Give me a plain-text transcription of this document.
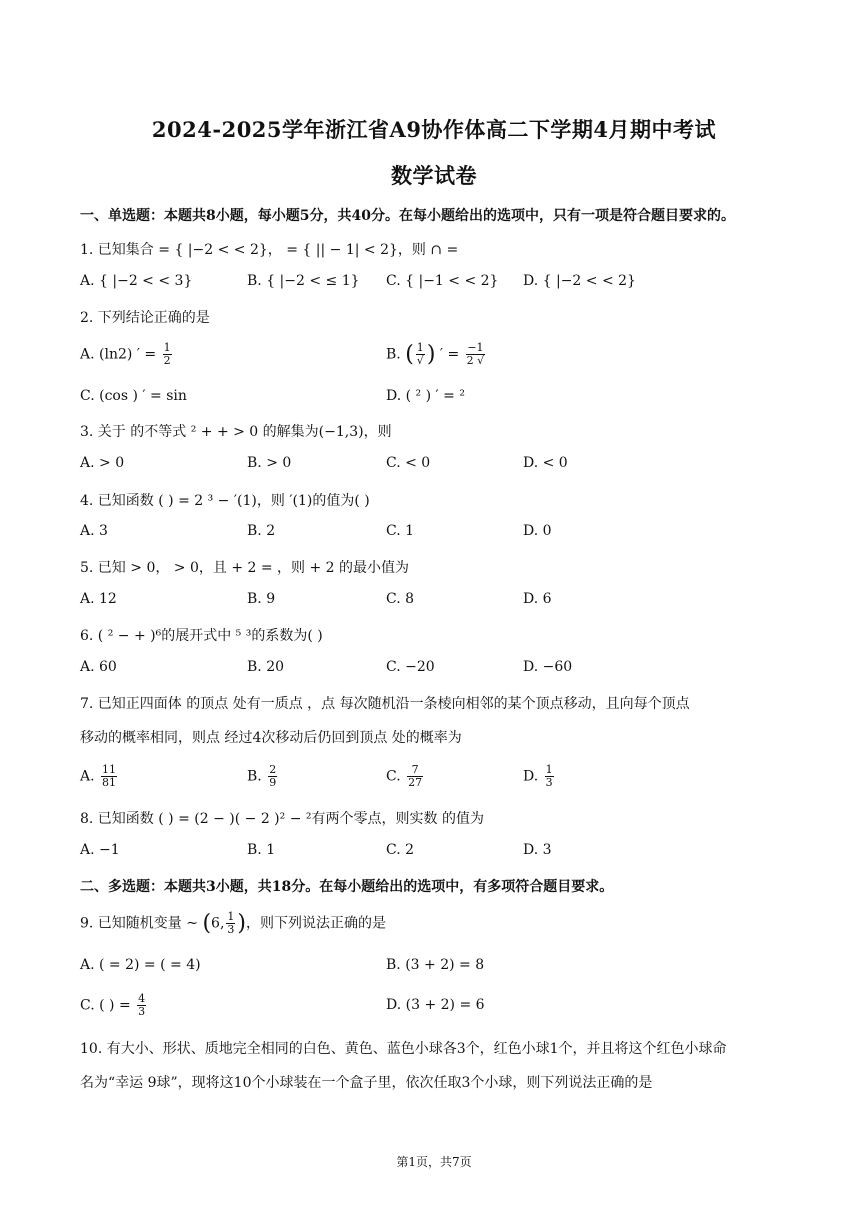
2024-2025学年浙江省A9协作体高二下学期4月期中考试
数学试卷
一、单选题：本题共8小题，每小题5分，共40分。在每小题给出的选项中，只有一项是符合题目要求的。
1. 已知集合 = { |−2 < < 2}， = { || − 1| < 2}，则 ∩ =
A. { |−2 < < 3}	B. { |−2 < ≤ 1} C. { |−1 < < 2} D. { |−2 < < 2}
2. 下列结论正确的是
A. (ln2) ′ = $\frac{1}{2}$	B. ( $\frac{1}{√}$ ) ′ = $\frac{-1}{2 √}$
C. (cos ) ′ = sin	D. ( ² ) ′ = ²
3. 关于 的不等式 ² + + > 0 的解集为(−1,3)，则
A. > 0	B. > 0	C. < 0	D. < 0
4. 已知函数 ( ) = 2 ³ − ′(1)，则 ′(1)的值为( )
A. 3	B. 2	C. 1	D. 0
5. 已知 > 0， > 0，且 + 2 = ，则 + 2 的最小值为
A. 12	B. 9	C. 8	D. 6
6. ( ² − + )⁶的展开式中 ⁵ ³的系数为( )
A. 60	B. 20	C. −20	D. −60
7. 已知正四面体 的顶点 处有一质点 ，点 每次随机沿一条棱向相邻的某个顶点移动，且向每个顶点
移动的概率相同，则点 经过4次移动后仍回到顶点 处的概率为
A. $\frac{11}{81}$	B. $\frac{2}{9}$	C. $\frac{7}{27}$	D. $\frac{1}{3}$
8. 已知函数 ( ) = (2 − )( − 2 )² − ²有两个零点，则实数 的值为
A. −1	B. 1	C. 2	D. 3
二、多选题：本题共3小题，共18分。在每小题给出的选项中，有多项符合题目要求。
9. 已知随机变量 ~ (6, $\frac{1}{3}$ )，则下列说法正确的是
A. ( = 2) = ( = 4)	B. (3 + 2) = 8
C. ( ) = $\frac{4}{3}$	D. (3 + 2) = 6
10. 有大小、形状、质地完全相同的白色、黄色、蓝色小球各3个，红色小球1个，并且将这个红色小球命
名为“幸运 9球”，现将这10个小球装在一个盒子里，依次任取3个小球，则下列说法正确的是
第1页，共7页
